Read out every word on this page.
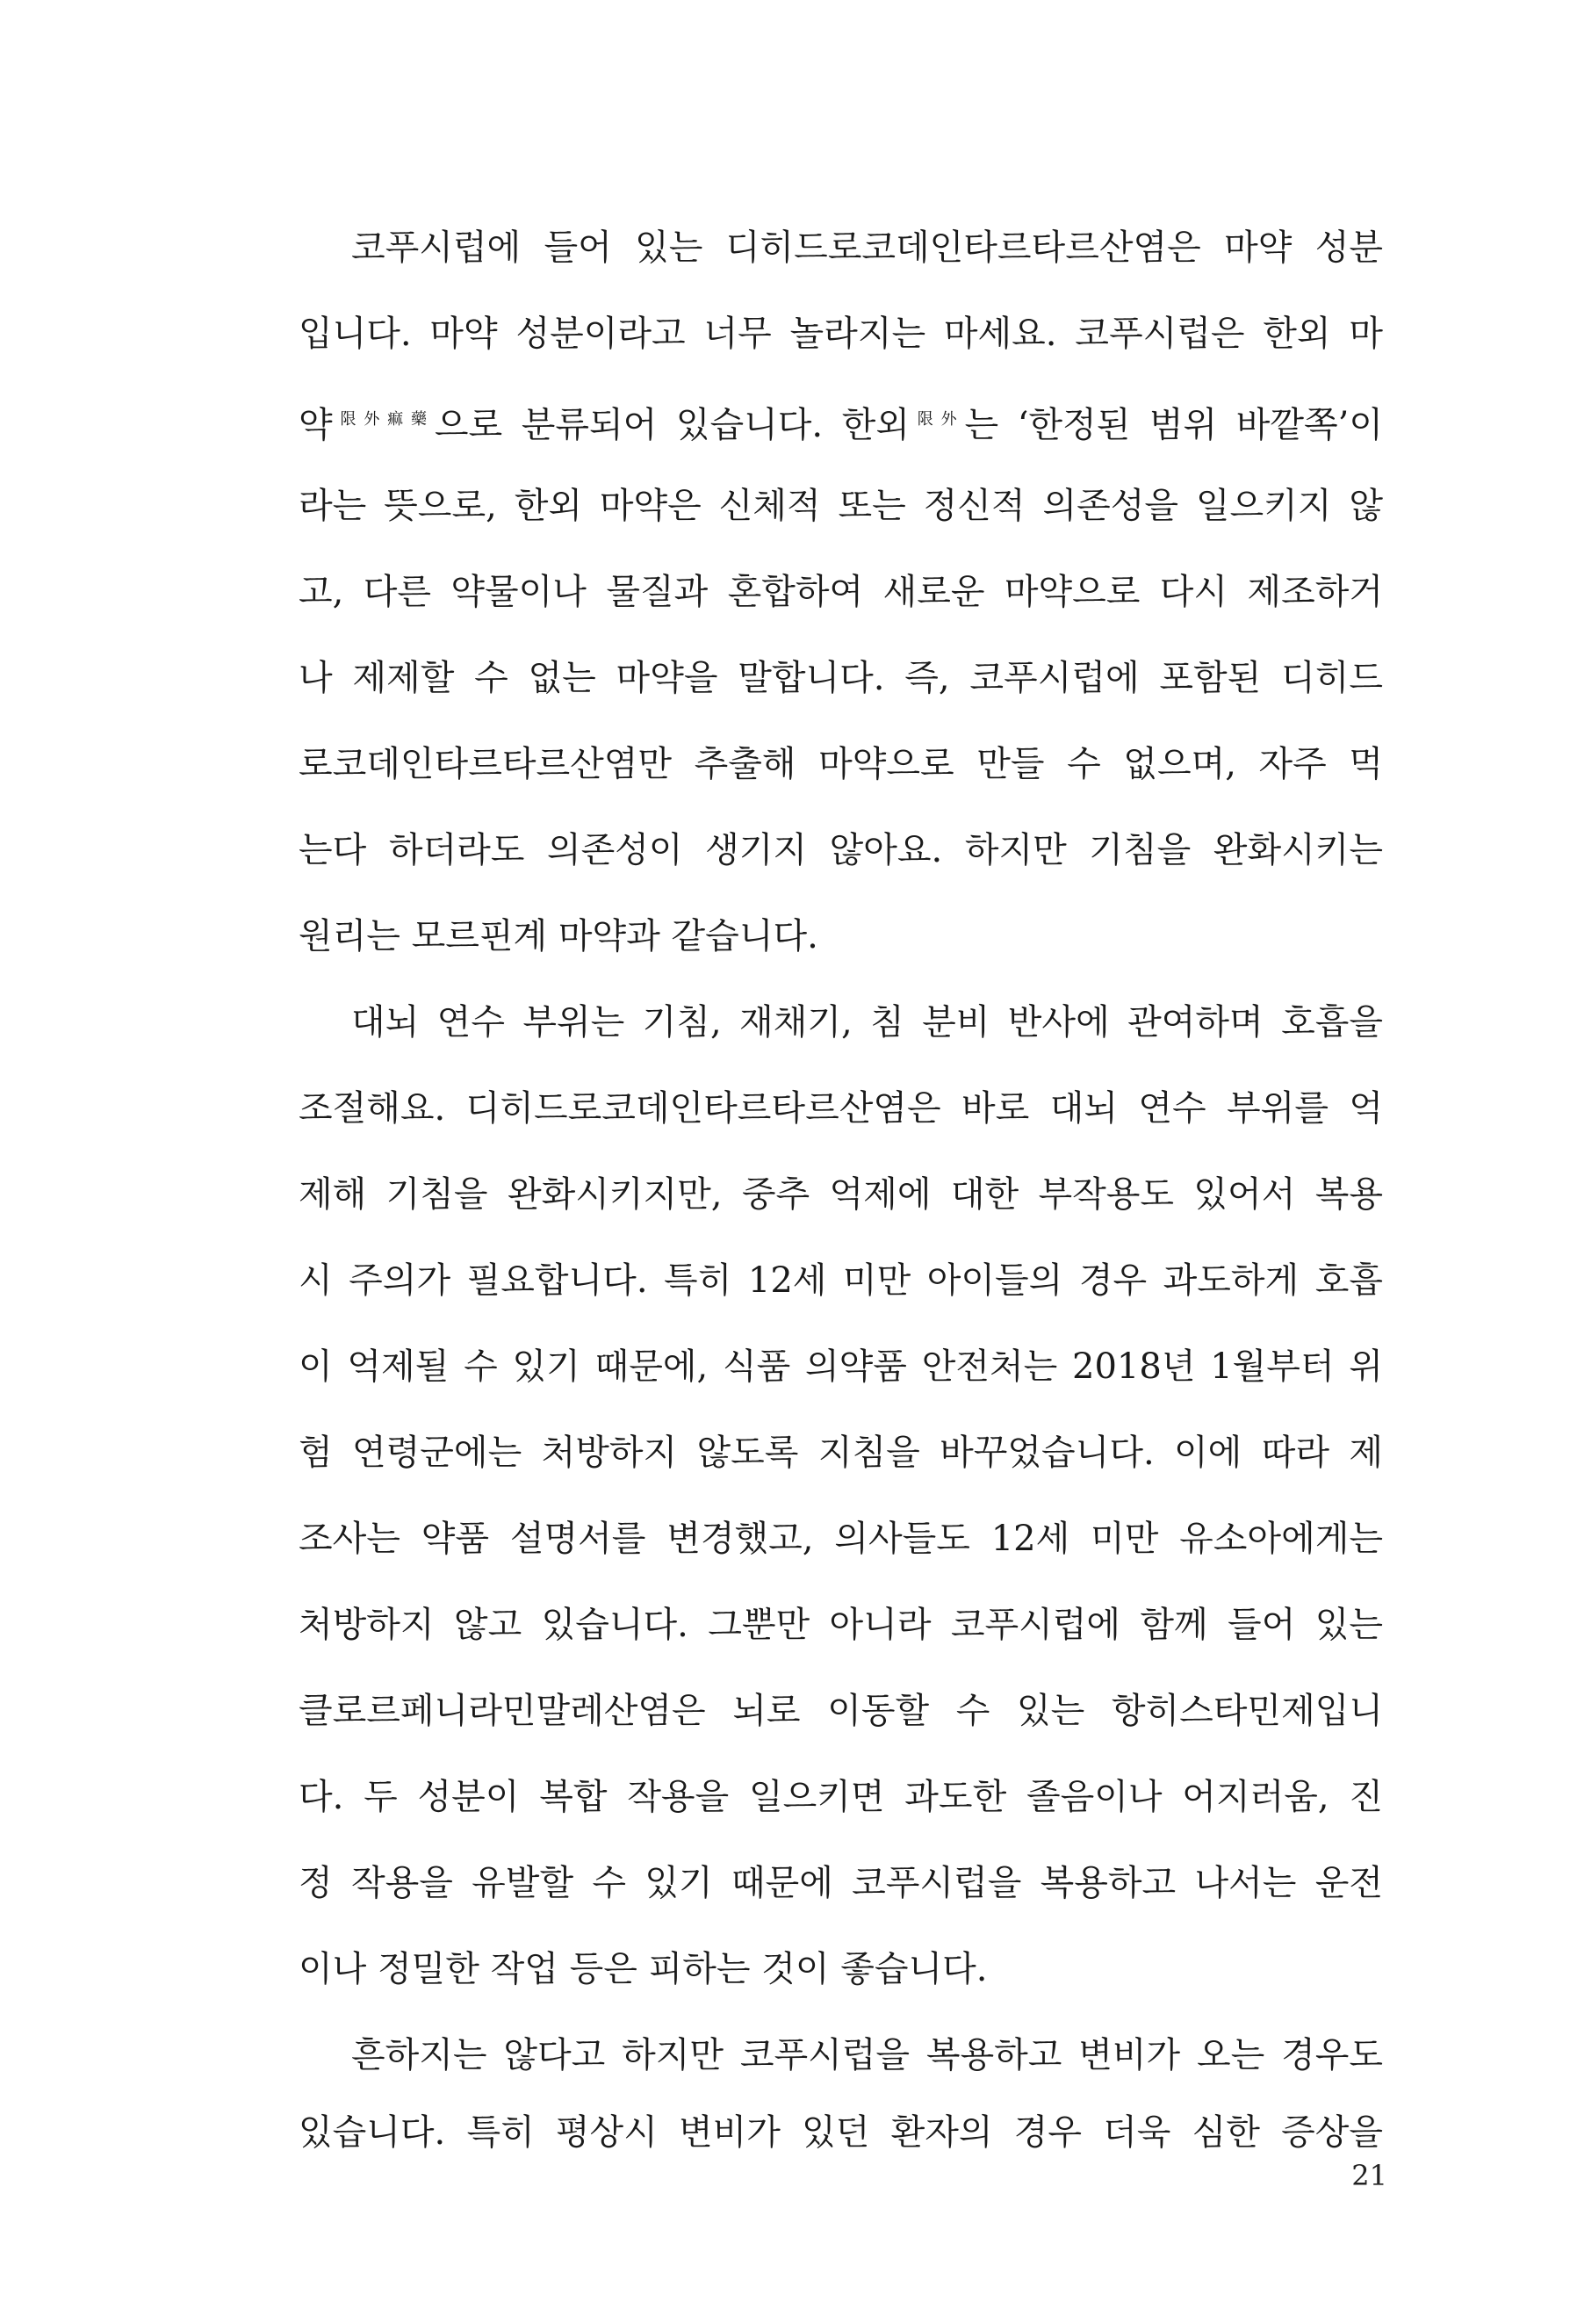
코푸시럽에 들어 있는 디히드로코데인타르타르산염은 마약 성분
입니다. 마약 성분이라고 너무 놀라지는 마세요. 코푸시럽은 한외 마
약$^{限外痲藥}$으로 분류되어 있습니다. 한외$^{限外}$는 ‘한정된 범위 바깥쪽’이
라는 뜻으로, 한외 마약은 신체적 또는 정신적 의존성을 일으키지 않
고, 다른 약물이나 물질과 혼합하여 새로운 마약으로 다시 제조하거
나 제제할 수 없는 마약을 말합니다. 즉, 코푸시럽에 포함된 디히드
로코데인타르타르산염만 추출해 마약으로 만들 수 없으며, 자주 먹
는다 하더라도 의존성이 생기지 않아요. 하지만 기침을 완화시키는
원리는 모르핀계 마약과 같습니다.
대뇌 연수 부위는 기침, 재채기, 침 분비 반사에 관여하며 호흡을
조절해요. 디히드로코데인타르타르산염은 바로 대뇌 연수 부위를 억
제해 기침을 완화시키지만, 중추 억제에 대한 부작용도 있어서 복용
시 주의가 필요합니다. 특히 12세 미만 아이들의 경우 과도하게 호흡
이 억제될 수 있기 때문에, 식품 의약품 안전처는 2018년 1월부터 위
험 연령군에는 처방하지 않도록 지침을 바꾸었습니다. 이에 따라 제
조사는 약품 설명서를 변경했고, 의사들도 12세 미만 유소아에게는
처방하지 않고 있습니다. 그뿐만 아니라 코푸시럽에 함께 들어 있는
클로르페니라민말레산염은 뇌로 이동할 수 있는 항히스타민제입니
다. 두 성분이 복합 작용을 일으키면 과도한 졸음이나 어지러움, 진
정 작용을 유발할 수 있기 때문에 코푸시럽을 복용하고 나서는 운전
이나 정밀한 작업 등은 피하는 것이 좋습니다.
흔하지는 않다고 하지만 코푸시럽을 복용하고 변비가 오는 경우도
있습니다. 특히 평상시 변비가 있던 환자의 경우 더욱 심한 증상을
21
